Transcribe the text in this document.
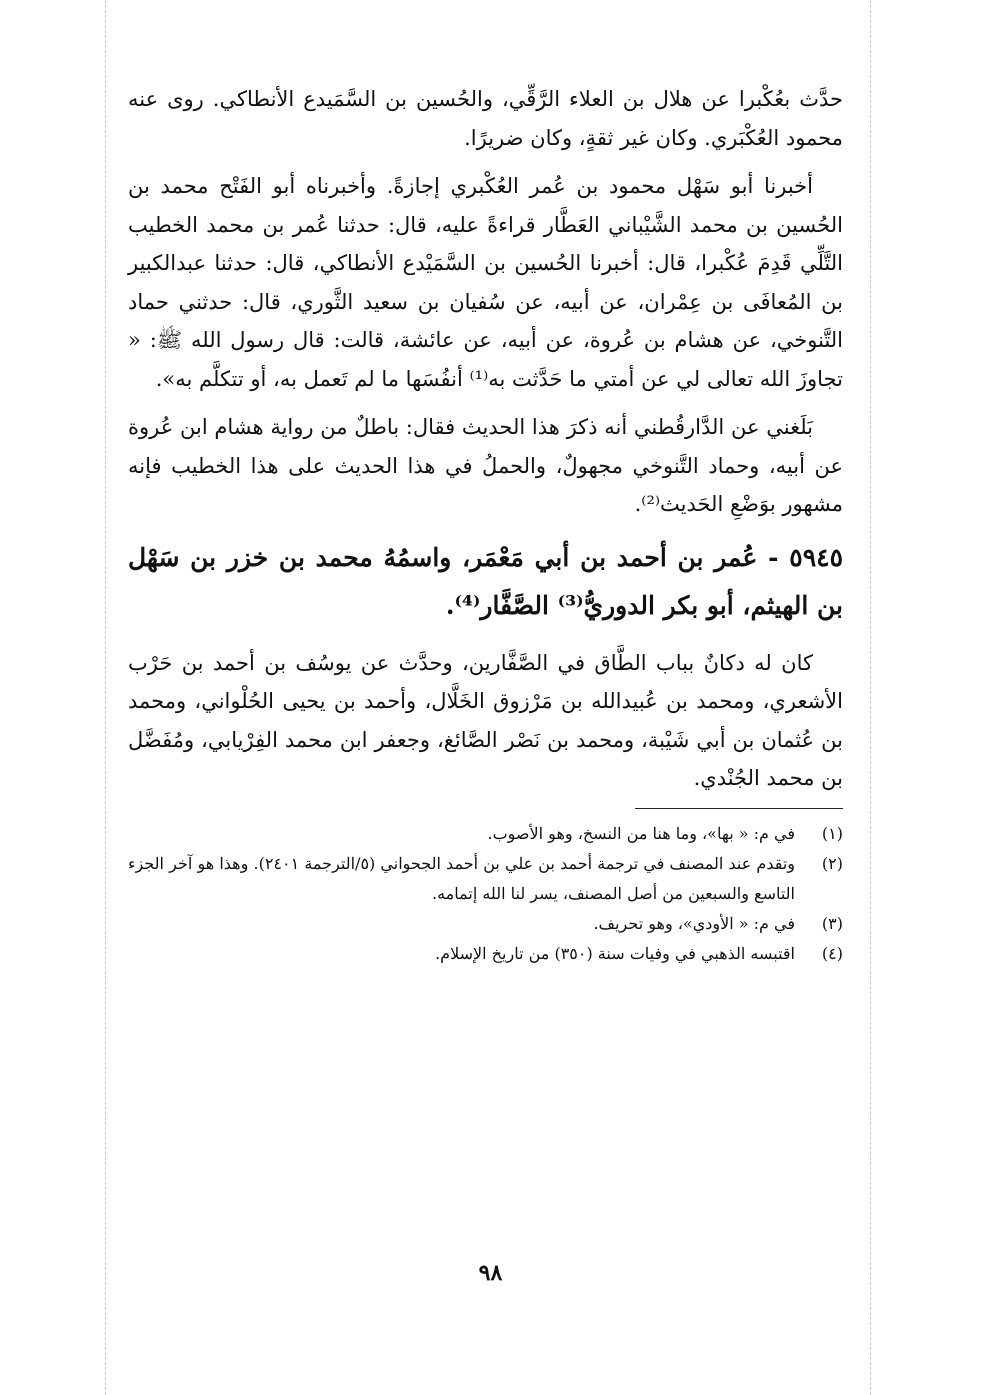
حدَّث بعُكْبرا عن هلال بن العلاء الرَّقِّي، والحُسين بن السَّمَيدع الأنطاكي. روى عنه محمود العُكْبَري. وكان غير ثقةٍ، وكان ضريرًا.

أخبرنا أبو سَهْل محمود بن عُمر العُكْبري إجازةً. وأخبرناه أبو الفَتْح محمد بن الحُسين بن محمد الشَّيْباني العَطَّار قراءةً عليه، قال: حدثنا عُمر بن محمد الخطيب التَّلِّي قَدِمَ عُكْبرا، قال: أخبرنا الحُسين بن السَّمَيْدع الأنطاكي، قال: حدثنا عبدالكبير بن المُعافَى بن عِمْران، عن أبيه، عن سُفيان بن سعيد الثَّوري، قال: حدثني حماد التَّنوخي، عن هشام بن عُروة، عن أبيه، عن عائشة، قالت: قال رسول الله ﷺ: « تجاوزَ الله تعالى لي عن أمتي ما حَدَّثت به⁽¹⁾ أنفُسَها ما لم تَعمل به، أو تتكلَّم به».

بَلَغني عن الدَّارقُطني أنه ذكرَ هذا الحديث فقال: باطلٌ من رواية هشام ابن عُروة عن أبيه، وحماد التَّنوخي مجهولٌ، والحملُ في هذا الحديث على هذا الخطيب فإنه مشهور بوَضْعِ الحَديث⁽²⁾.

٥٩٤٥ - عُمر بن أحمد بن أبي مَعْمَر، واسمُهُ محمد بن خزر بن سَهْل بن الهيثم، أبو بكر الدوريُّ⁽³⁾ الصَّفَّار⁽⁴⁾.

كان له دكانٌ بباب الطَّاق في الصَّفَّارين، وحدَّث عن يوسُف بن أحمد بن حَرْب الأشعري، ومحمد بن عُبيدالله بن مَرْزوق الخَلَّال، وأحمد بن يحيى الحُلْواني، ومحمد بن عُثمان بن أبي شَيْبة، ومحمد بن نَصْر الصَّائغ، وجعفر ابن محمد الفِرْيابي، ومُفَضَّل بن محمد الجُنْدي.

(١)
في م: « بها»، وما هنا من النسخ، وهو الأصوب.
(٢)
وتقدم عند المصنف في ترجمة أحمد بن علي بن أحمد الجحواني (٥/الترجمة ٢٤٠١). وهذا هو آخر الجزء التاسع والسبعين من أصل المصنف، يسر لنا الله إتمامه.
(٣)
في م: « الأودي»، وهو تحريف.
(٤)
اقتبسه الذهبي في وفيات سنة (٣٥٠) من تاريخ الإسلام.
٩٨
